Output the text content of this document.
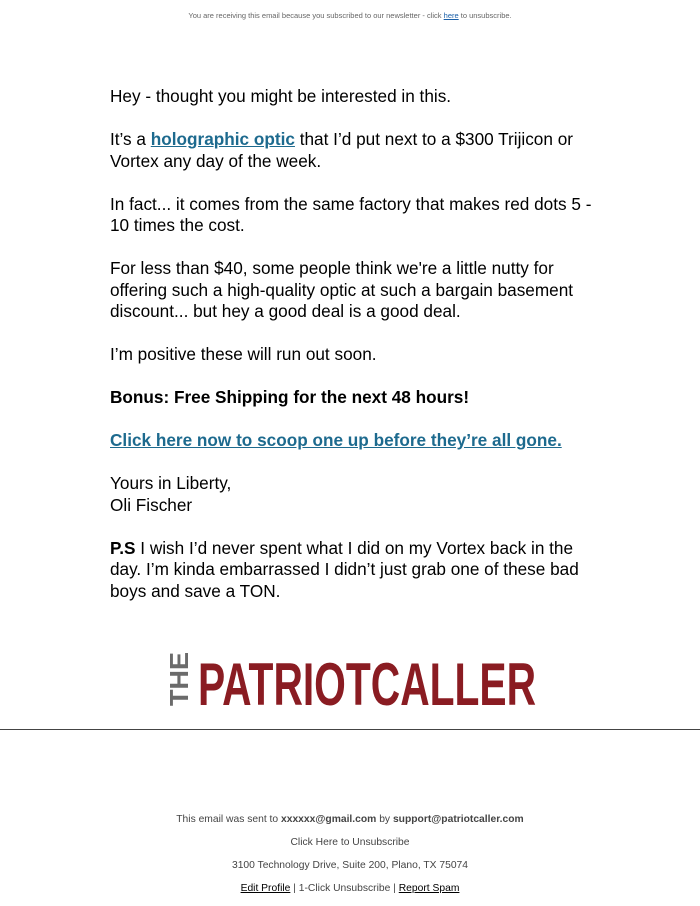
You are receiving this email because you subscribed to our newsletter - click here to unsubscribe.

Hey - thought you might be interested in this.

It’s a holographic optic that I’d put next to a $300 Trijicon or Vortex any day of the week.

In fact... it comes from the same factory that makes red dots 5 - 10 times the cost.

For less than $40, some people think we're a little nutty for offering such a high-quality optic at such a bargain basement discount... but hey a good deal is a good deal.

I’m positive these will run out soon.

Bonus: Free Shipping for the next 48 hours!

Click here now to scoop one up before they’re all gone.

Yours in Liberty,
Oli Fischer

P.S I wish I’d never spent what I did on my Vortex back in the day. I’m kinda embarrassed I didn’t just grab one of these bad boys and save a TON.

THE PATRIOTCALLER
This email was sent to xxxxxx@gmail.com by support@patriotcaller.com
Click Here to Unsubscribe
3100 Technology Drive, Suite 200, Plano, TX 75074
Edit Profile | 1-Click Unsubscribe | Report Spam
